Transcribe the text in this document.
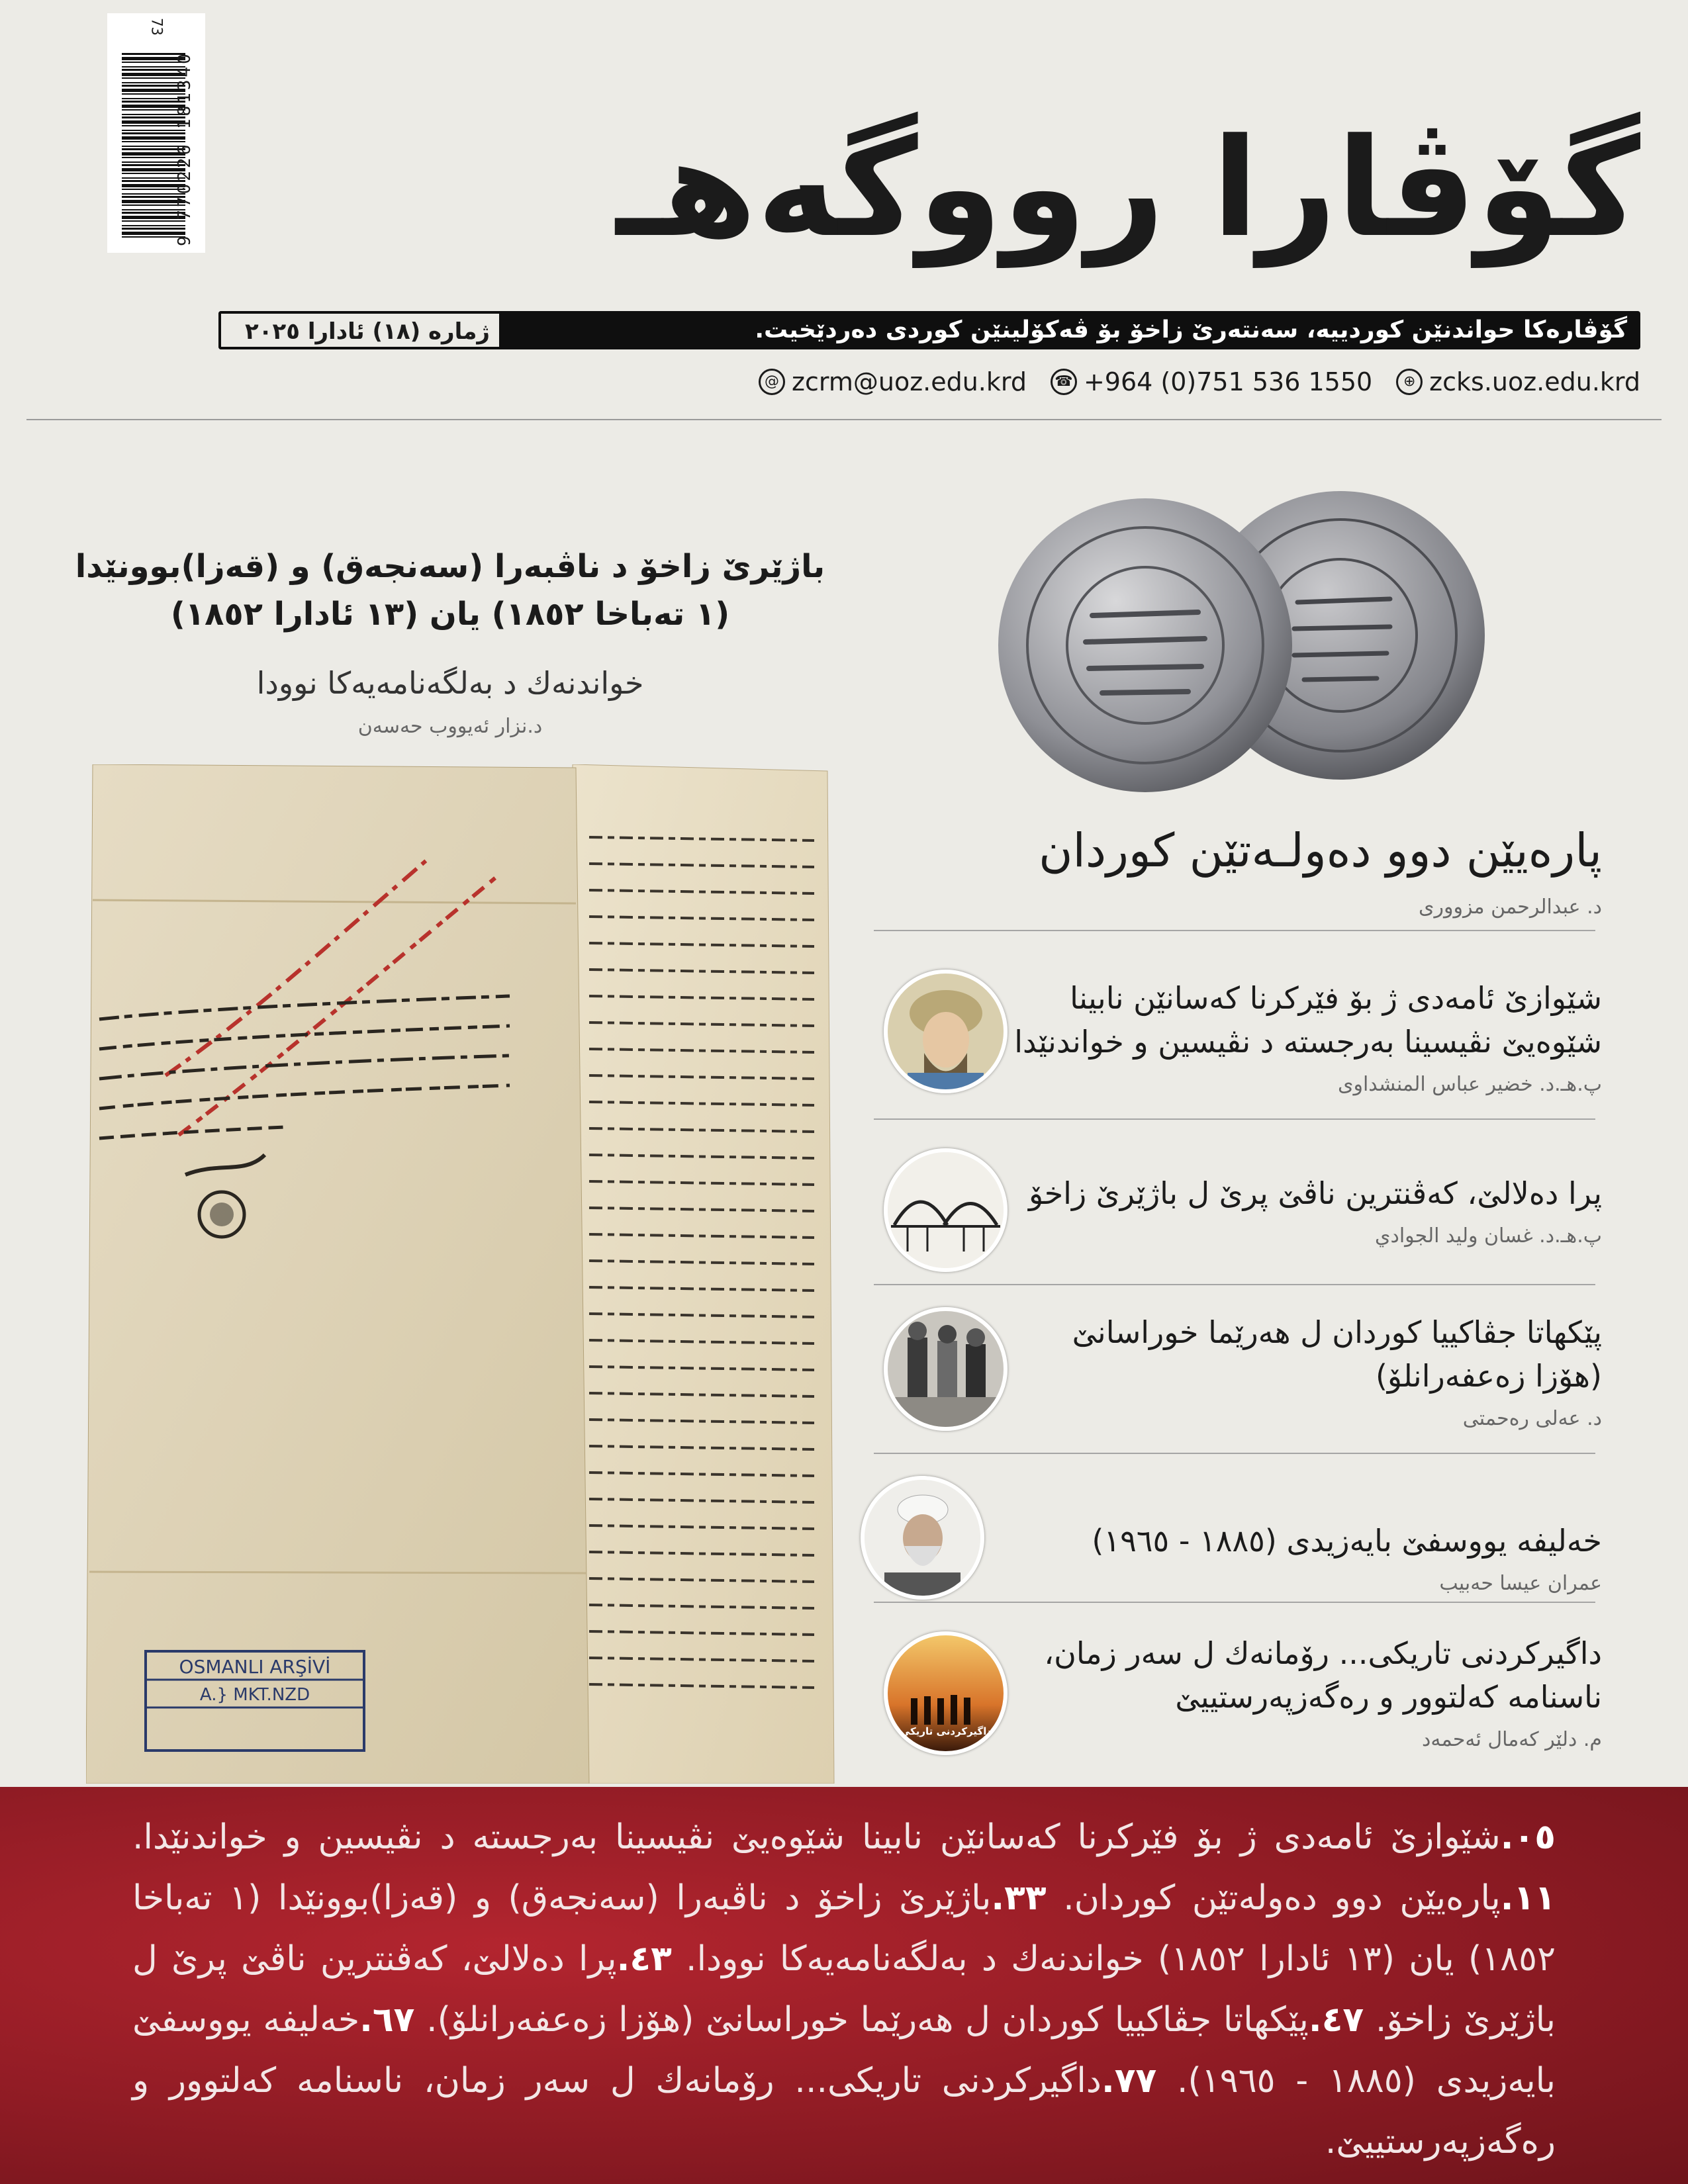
73
9 770226 181340	گۆڤارا رووگەهـ
گۆڤارەکا حواندنێن کوردییە، سەنتەرێ زاخۆ بۆ ڤەکۆلینێن کوردی دەردێخیت.
ژمارە (١٨) ئادارا ٢٠٢٥
@ zcrm@uoz.edu.krd ☎ +964 (0)751 536 1550	⊕ zcks.uoz.edu.krd
باژێرێ زاخۆ د ناڤبەرا (سەنجەق) و (قەزا)بوونێدا
(١ تەباخا ١٨٥٢) یان (١٣ ئادارا ١٨٥٢)
خواندنەك د بەلگەنامەیەکا نوودا
د.نزار ئەیووب حەسەن
OSMANLI ARŞİVİ
A.} MKT.NZD
پارەیێن دوو دەولـەتێن کوردان
د. عبدالرحمن مزووری
شێوازێ ئامەدی ژ بۆ فێرکرنا کەسانێن نابینا
شێوەیێ نڤیسینا بەرجستە د نڤیسین و خواندنێدا
پ.هـ.د. خضیر عباس المنشداوی
پرا دەلالێ، کەڤنترین ناڤێ پرێ ل باژێرێ زاخۆ
پ.هـ.د. غسان ولید الجوادي
پێکهاتا جڤاکییا کوردان ل هەرێما خوراسانێ
(هۆزا زەعفەرانلۆ)
د. عەلی رەحمتی
خەلیفە یووسفێ بایەزیدی (١٨٨٥ - ١٩٦٥)
عمران عیسا حەبیب
داگیرکردنی تاریکی
داگیرکردنی تاریکی... رۆمانەك ل سەر زمان،
ناسنامە کەلتوور و رەگەزپەرستییێ
م. دلێر کەمال ئەحمەد
٠٥.شێوازێ ئامەدی ژ بۆ فێرکرنا کەسانێن نابینا شێوەیێ نڤیسینا بەرجستە د نڤیسین و خواندنێدا. ١١.پارەیێن دوو دەولەتێن کوردان. ٣٣.باژێرێ زاخۆ د ناڤبەرا (سەنجەق) و (قەزا)بوونێدا (١ تەباخا ١٨٥٢) یان (١٣ ئادارا ١٨٥٢) خواندنەك د بەلگەنامەیەکا نوودا. ٤٣.پرا دەلالێ، کەڤنترین ناڤێ پرێ ل باژێرێ زاخۆ. ٤٧.پێکهاتا جڤاکییا کوردان ل هەرێما خوراسانێ (هۆزا زەعفەرانلۆ). ٦٧.خەلیفە یووسفێ بایەزیدی (١٨٨٥ - ١٩٦٥). ٧٧.داگیرکردنی تاریکی... رۆمانەك ل سەر زمان، ناسنامە کەلتوور و رەگەزپەرستییێ.
